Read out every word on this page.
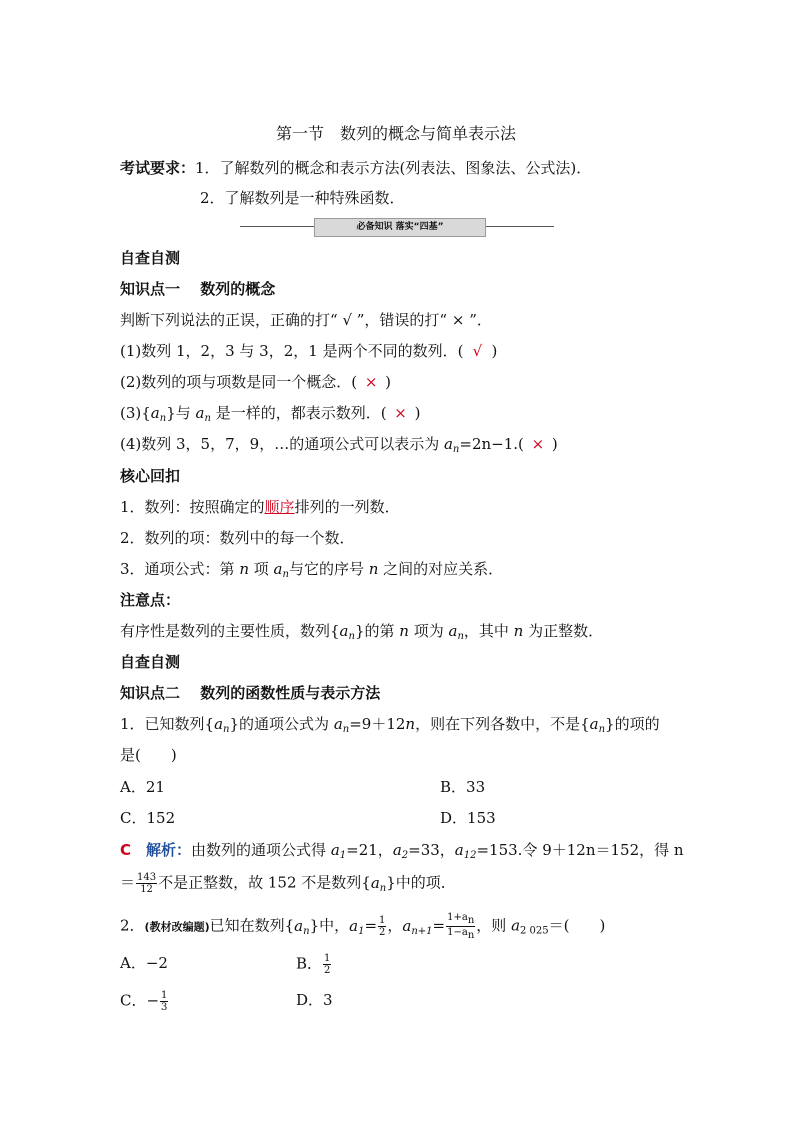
第一节　数列的概念与简单表示法
考试要求：1．了解数列的概念和表示方法(列表法、图象法、公式法)．
2．了解数列是一种特殊函数．
必备知识 落实“四基”
自查自测
知识点一　 数列的概念
判断下列说法的正误，正确的打“ √ ”，错误的打“ × ”．
(1)数列 1，2，3 与 3，2，1 是两个不同的数列．( √ )
(2)数列的项与项数是同一个概念．( × )
$(3)\{a_n\}$与 $a_n$ 是一样的，都表示数列．( × )
(4)数列 3，5，7，9，…的通项公式可以表示为 $a_n=2n-1$.( × )
核心回扣
1．数列：按照确定的顺序排列的一列数．
2．数列的项：数列中的每一个数．
3．通项公式：第 n 项 $a_n$与它的序号 n 之间的对应关系．
注意点：
有序性是数列的主要性质，数列$\{a_n\}$的第 n 项为 $a_n$，其中 n 为正整数．
自查自测
知识点二　 数列的函数性质与表示方法
1．已知数列$\{a_n\}$的通项公式为 $a_n=9+12n$，则在下列各数中，不是$\{a_n\}$的项的
是(　　)
A．21	B．33
C．152	D．153
C　 解析：由数列的通项公式得 $a_1=21$，$a_2=33$，$a_{12}=153$.令 9＋12n＝152，得 n
＝ $\frac{143}{12}$ 不是正整数，故 152 不是数列$\{a_n\}$中的项．
2．(教材改编题)已知在数列$\{a_n\}$中，$a_1= \frac{1}{2}$ ，$a_{n+1}= \frac{1+a_n}{1-a_n}$ ，则 $a_{2 025}=$(　　)
A．−2	B． $\frac{1}{2}$
C．− $\frac{1}{3}$	D．3
